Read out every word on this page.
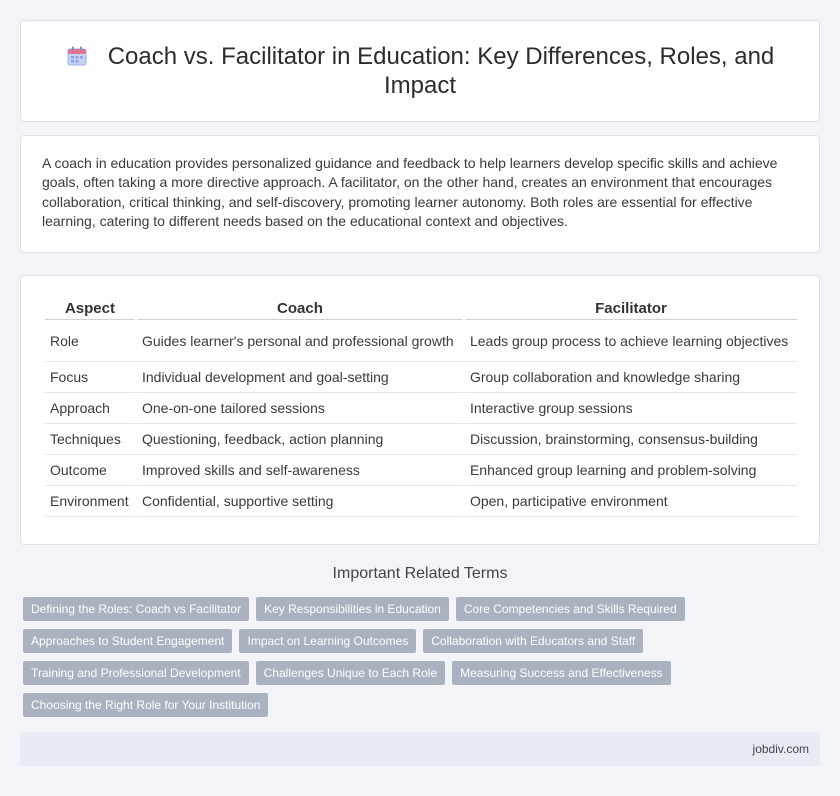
Coach vs. Facilitator in Education: Key Differences, Roles, and Impact

A coach in education provides personalized guidance and feedback to help learners develop specific skills and achieve goals, often taking a more directive approach. A facilitator, on the other hand, creates an environment that encourages collaboration, critical thinking, and self-discovery, promoting learner autonomy. Both roles are essential for effective learning, catering to different needs based on the educational context and objectives.

Aspect	Coach	Facilitator
Role	Guides learner's personal and professional growth	Leads group process to achieve learning objectives
Focus	Individual development and goal-setting	Group collaboration and knowledge sharing
Approach	One-on-one tailored sessions	Interactive group sessions
Techniques	Questioning, feedback, action planning	Discussion, brainstorming, consensus-building
Outcome	Improved skills and self-awareness	Enhanced group learning and problem-solving
Environment	Confidential, supportive setting	Open, participative environment
Important Related Terms
Defining the Roles: Coach vs Facilitator	Key Responsibilities in Education	Core Competencies and Skills Required
Approaches to Student Engagement	Impact on Learning Outcomes	Collaboration with Educators and Staff
Training and Professional Development	Challenges Unique to Each Role	Measuring Success and Effectiveness
Choosing the Right Role for Your Institution
jobdiv.com
